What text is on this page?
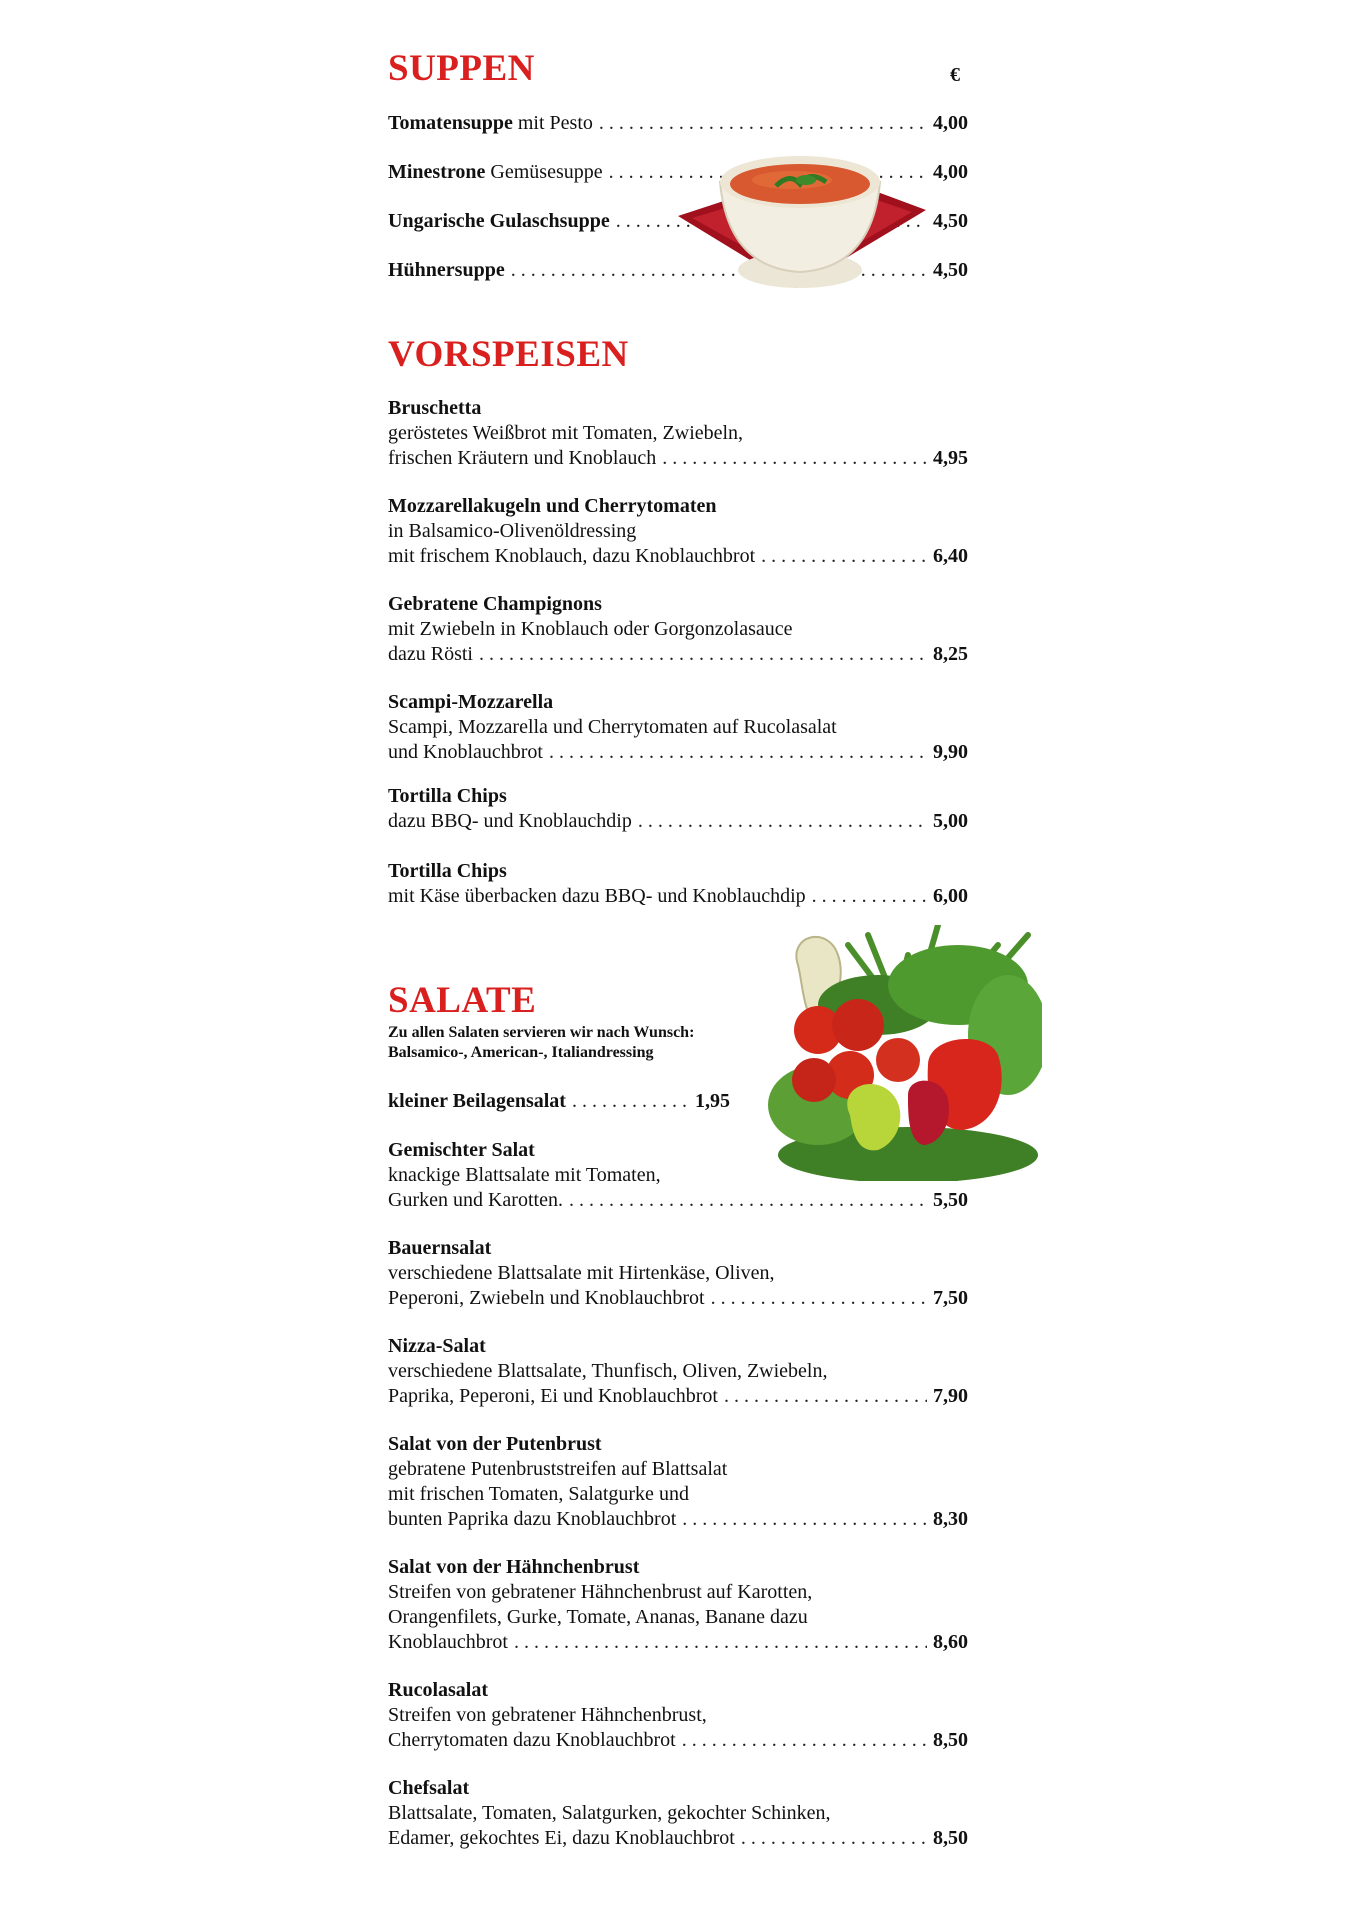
SUPPEN	€
Tomatensuppe mit Pesto . . .	4,00
Minestrone Gemüsesuppe . . .	4,00
Ungarische Gulaschsuppe . . .	4,50
Hühnersuppe . . .	4,50
VORSPEISEN
Bruschetta
geröstetes Weißbrot mit Tomaten, Zwiebeln,
frischen Kräutern und Knoblauch . . .	4,95
Mozzarellakugeln und Cherrytomaten
in Balsamico-Olivenöldressing
mit frischem Knoblauch, dazu Knoblauchbrot . . .	6,40
Gebratene Champignons
mit Zwiebeln in Knoblauch oder Gorgonzolasauce
dazu Rösti . . .	8,25
Scampi-Mozzarella
Scampi, Mozzarella und Cherrytomaten auf Rucolasalat
und Knoblauchbrot . . .	9,90
Tortilla Chips
dazu BBQ- und Knoblauchdip . . .	5,00
Tortilla Chips
mit Käse überbacken dazu BBQ- und Knoblauchdip . . .	6,00
SALATE
Zu allen Salaten servieren wir nach Wunsch:
Balsamico-, American-, Italiandressing
kleiner Beilagensalat . . .	1,95
Gemischter Salat
knackige Blattsalate mit Tomaten,
Gurken und Karotten. . . .	5,50
Bauernsalat
verschiedene Blattsalate mit Hirtenkäse, Oliven,
Peperoni, Zwiebeln und Knoblauchbrot . . .	7,50
Nizza-Salat
verschiedene Blattsalate, Thunfisch, Oliven, Zwiebeln,
Paprika, Peperoni, Ei und Knoblauchbrot . . .	7,90
Salat von der Putenbrust
gebratene Putenbruststreifen auf Blattsalat
mit frischen Tomaten, Salatgurke und
bunten Paprika dazu Knoblauchbrot . . .	8,30
Salat von der Hähnchenbrust
Streifen von gebratener Hähnchenbrust auf Karotten,
Orangenfilets, Gurke, Tomate, Ananas, Banane dazu
Knoblauchbrot . . .	8,60
Rucolasalat
Streifen von gebratener Hähnchenbrust,
Cherrytomaten dazu Knoblauchbrot . . .	8,50
Chefsalat
Blattsalate, Tomaten, Salatgurken, gekochter Schinken,
Edamer, gekochtes Ei, dazu Knoblauchbrot . . .	8,50
